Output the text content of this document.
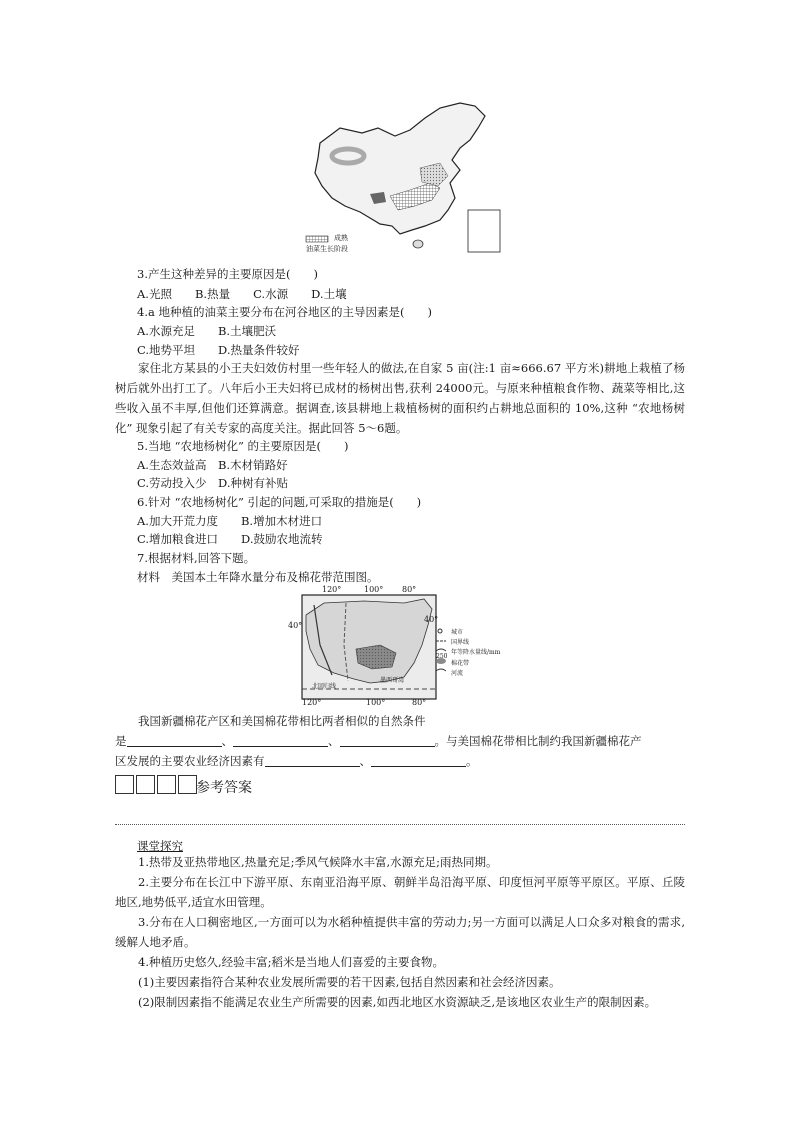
成熟
油菜生长阶段
3.产生这种差异的主要原因是(　　)
A.光照　　B.热量　　C.水源　　D.土壤
4.a 地种植的油菜主要分布在河谷地区的主导因素是(　　)
A.水源充足　　B.土壤肥沃
C.地势平坦　　D.热量条件较好
家住北方某县的小王夫妇效仿村里一些年轻人的做法,在自家 5 亩(注:1 亩≈666.67 平方米)耕地上栽植了杨树后就外出打工了。八年后小王夫妇将已成材的杨树出售,获利 24000元。与原来种植粮食作物、蔬菜等相比,这些收入虽不丰厚,但他们还算满意。据调查,该县耕地上栽植杨树的面积约占耕地总面积的 10%,这种 “农地杨树化” 现象引起了有关专家的高度关注。据此回答 5～6题。
5.当地 “农地杨树化” 的主要原因是(　　)
A.生态效益高　B.木材销路好
C.劳动投入少　D.种树有补贴
6.针对 “农地杨树化” 引起的问题,可采取的措施是(　　)
A.加大开荒力度　　B.增加木材进口
C.增加粮食进口　　D.鼓励农地流转
7.根据材料,回答下题。
材料　美国本土年降水量分布及棉花带范围图。
120°	100° 80°
40°
40°
120°	100°	80°
墨西哥湾
北回归线
城市
国界线
250
年等降水量线/mm
棉花带
河流
我国新疆棉花产区和美国棉花带相比两者相似的自然条件
是	、	、	。与美国棉花带相比制约我国新疆棉花产
区发展的主要农业经济因素有	、	。
参考答案
课堂探究
1.热带及亚热带地区,热量充足;季风气候降水丰富,水源充足;雨热同期。
2.主要分布在长江中下游平原、东南亚沿海平原、朝鲜半岛沿海平原、印度恒河平原等平原区。平原、丘陵地区,地势低平,适宜水田管理。
3.分布在人口稠密地区,一方面可以为水稻种植提供丰富的劳动力;另一方面可以满足人口众多对粮食的需求,缓解人地矛盾。
4.种植历史悠久,经验丰富;稻米是当地人们喜爱的主要食物。
(1)主要因素指符合某种农业发展所需要的若干因素,包括自然因素和社会经济因素。
(2)限制因素指不能满足农业生产所需要的因素,如西北地区水资源缺乏,是该地区农业生产的限制因素。
